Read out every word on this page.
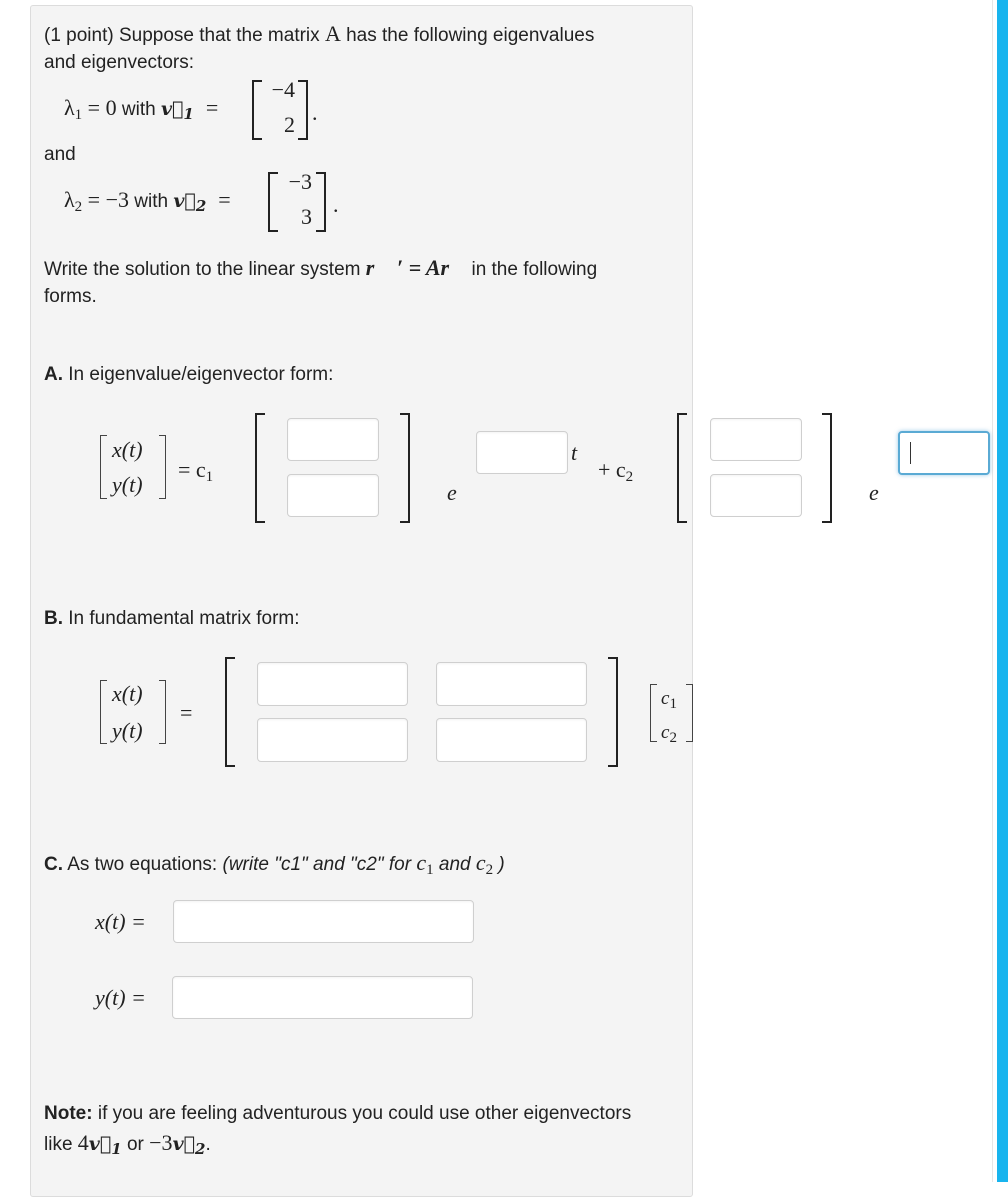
(1 point) Suppose that the matrix A has the following eigenvalues
and eigenvectors:
$\lambda_1 = 0$ with $v⃗_1$ =
−4
2 .
and
$\lambda_2 = -3$ with $v⃗_2$ =
−3
3 .
Write the solution to the linear system r⃗ ′ = Ar⃗ in the following
forms.
A. In eigenvalue/eigenvector form:
x(t)
y(t)
= $c_1$
e
t
+ $c_2$
e
B. In fundamental matrix form:
x(t)
y(t)
=
$c_1$
$c_2$
C. As two equations: (write "c1" and "c2" for $c_1$ and $c_2$ )
x(t) =
y(t) =
Note: if you are feeling adventurous you could use other eigenvectors
like $4v⃗_1$ or $-3v⃗_2$.
